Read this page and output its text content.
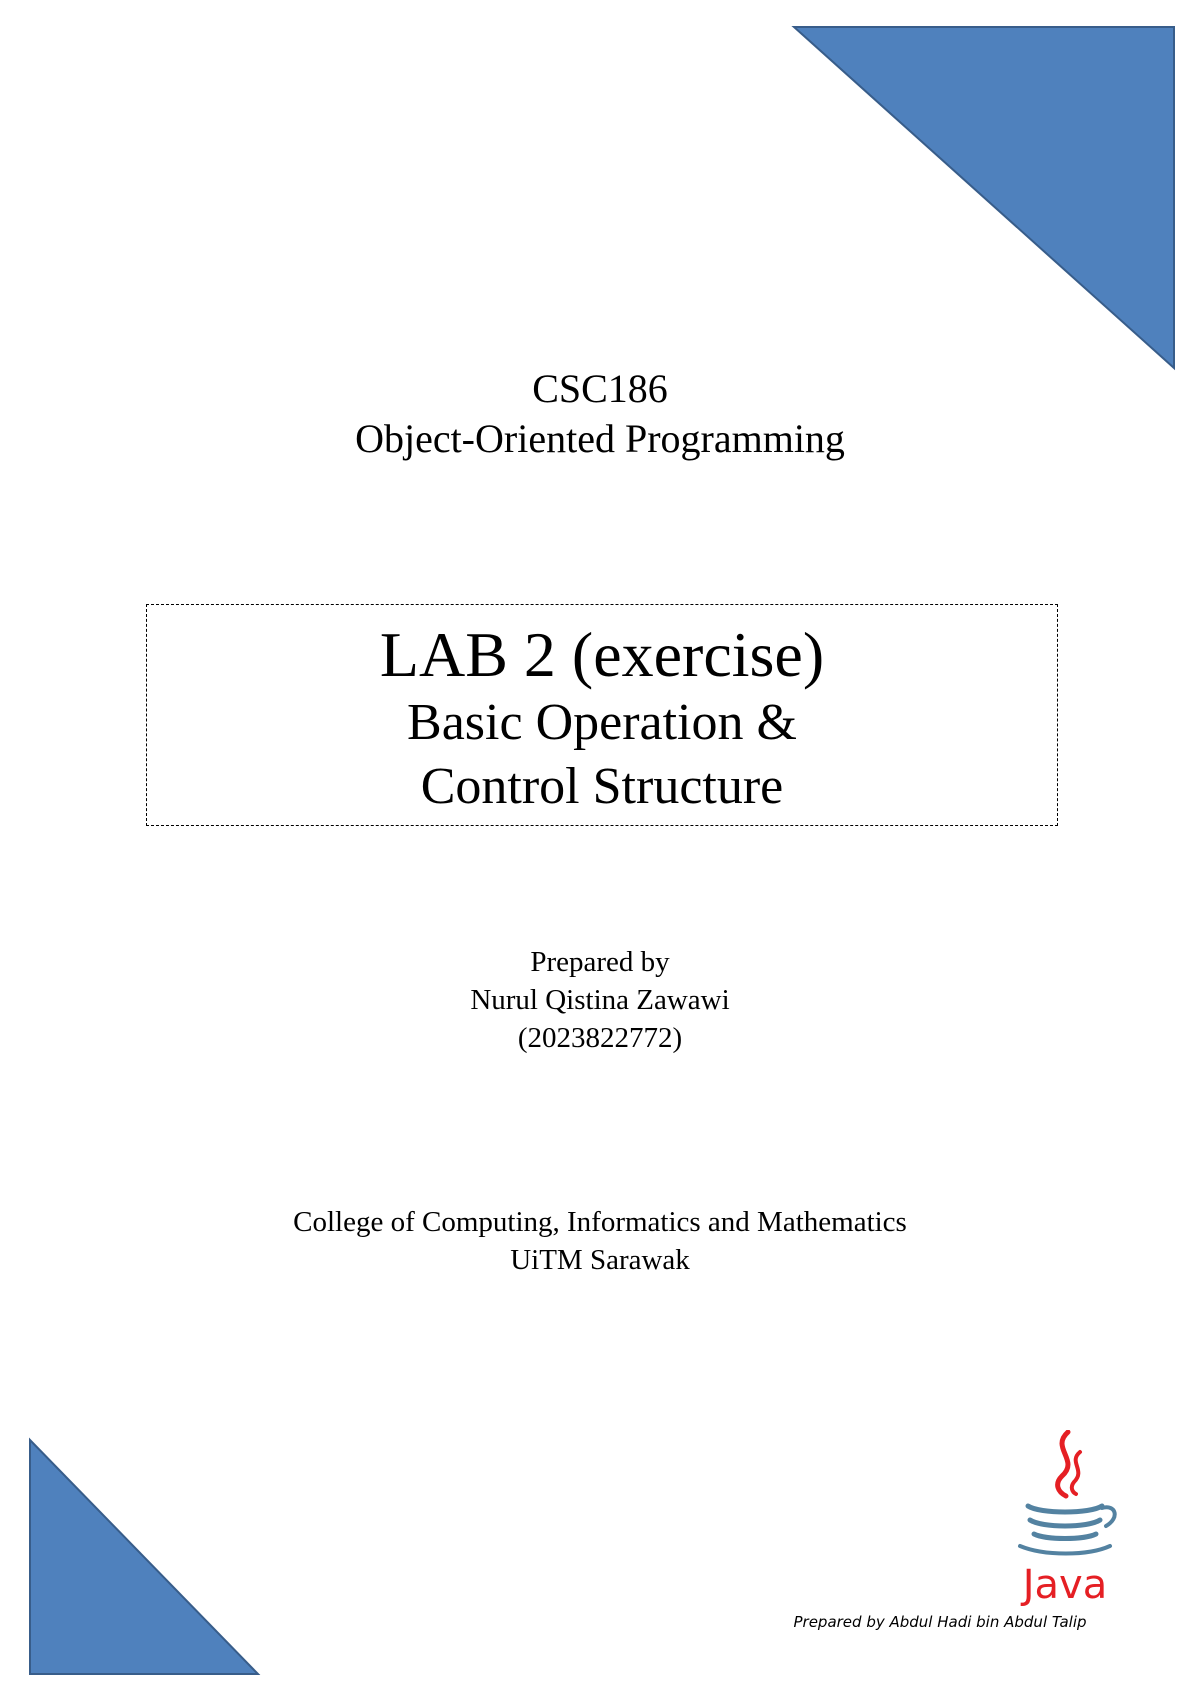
CSC186
Object-Oriented Programming
LAB 2 (exercise)
Basic Operation &
Control Structure
Prepared by
Nurul Qistina Zawawi
(2023822772)
College of Computing, Informatics and Mathematics
UiTM Sarawak
Java
Prepared by Abdul Hadi bin Abdul Talip
